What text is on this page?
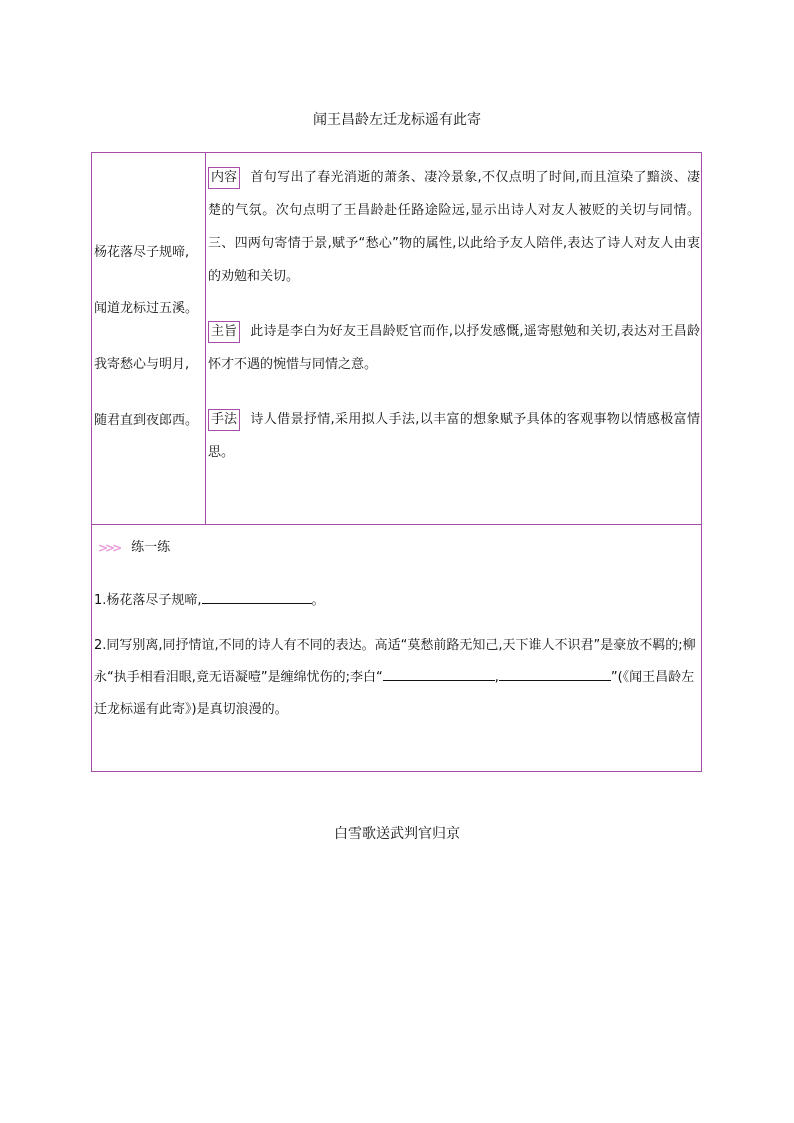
闻王昌龄左迁龙标遥有此寄
杨花落尽子规啼,
闻道龙标过五溪。
我寄愁心与明月,
随君直到夜郎西。

内容 首句写出了春光消逝的萧条、凄冷景象,不仅点明了时间,而且渲染了黯淡、凄楚的气氛。次句点明了王昌龄赴任路途险远,显示出诗人对友人被贬的关切与同情。三、四两句寄情于景,赋予“愁心”物的属性,以此给予友人陪伴,表达了诗人对友人由衷的劝勉和关切。

主旨 此诗是李白为好友王昌龄贬官而作,以抒发感慨,遥寄慰勉和关切,表达对王昌龄怀才不遇的惋惜与同情之意。

手法 诗人借景抒情,采用拟人手法,以丰富的想象赋予具体的客观事物以情感极富情思。

>>> 练一练

1.杨花落尽子规啼,	。

2.同写别离,同抒情谊,不同的诗人有不同的表达。高适“莫愁前路无知己,天下谁人不识君”是豪放不羁的;柳永“执手相看泪眼,竟无语凝噎”是缠绵忧伤的;李白“	,	”(《闻王昌龄左迁龙标遥有此寄》)是真切浪漫的。

白雪歌送武判官归京
